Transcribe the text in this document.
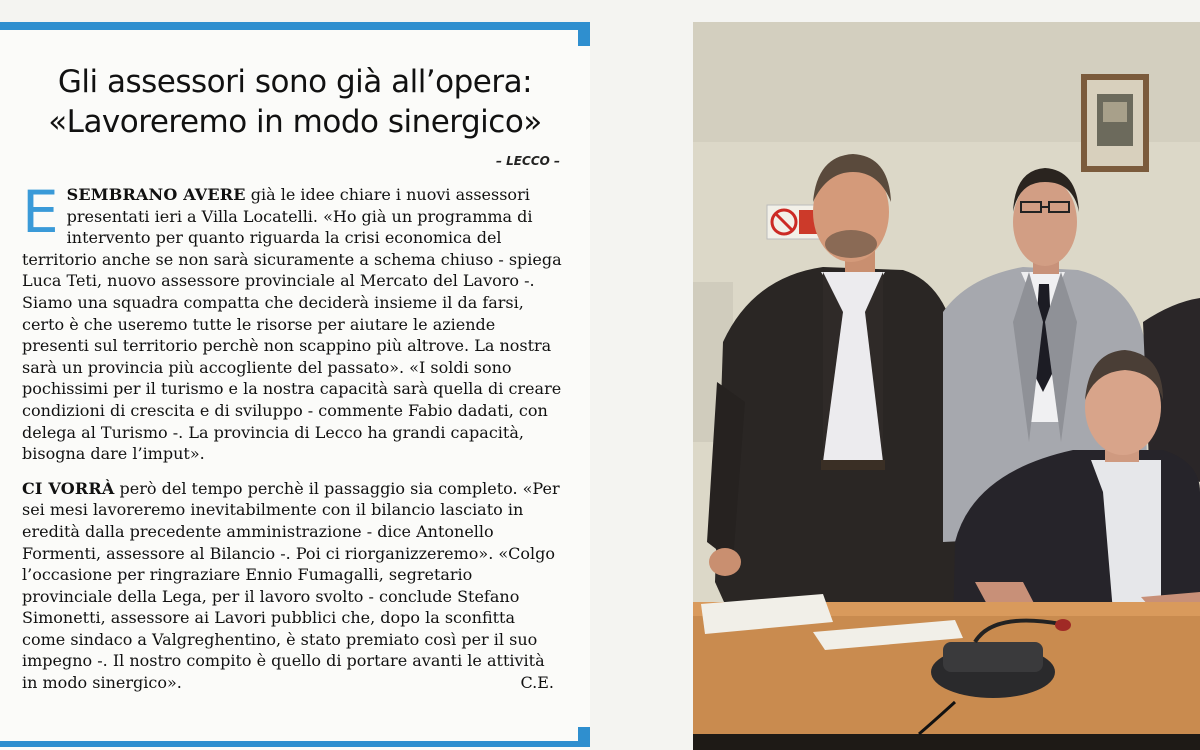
Gli assessori sono già all’opera:
«Lavoreremo in modo sinergico»
– LECCO –

ESEMBRANO AVERE già le idee chiare i nuovi assessori presentati ieri a Villa Locatelli. «Ho già un programma di intervento per quanto riguarda la crisi economica del territorio anche se non sarà sicuramente a schema chiuso - spiega Luca Teti, nuovo assessore provinciale al Mercato del Lavoro -. Siamo una squadra compatta che deciderà insieme il da farsi, certo è che useremo tutte le risorse per aiutare le aziende presenti sul territorio perchè non scappino più altrove. La nostra sarà un provincia più accogliente del passato». «I soldi sono pochissimi per il turismo e la nostra capacità sarà quella di creare condizioni di crescita e di sviluppo - commente Fabio dadati, con delega al Turismo -. La provincia di Lecco ha grandi capacità, bisogna dare l’imput».

CI VORRÀ però del tempo perchè il passaggio sia completo. «Per sei mesi lavoreremo inevitabilmente con il bilancio lasciato in eredità dalla precedente amministrazione - dice Antonello Formenti, assessore al Bilancio -. Poi ci riorganizzeremo». «Colgo l’occasione per ringraziare Ennio Fumagalli, segretario provinciale della Lega, per il lavoro svolto - conclude Stefano Simonetti, assessore ai Lavori pubblici che, dopo la sconfitta come sindaco a Valgreghentino, è stato premiato così per il suo impegno -. Il nostro compito è quello di portare avanti le attività in modo sinergico».	C.E.
